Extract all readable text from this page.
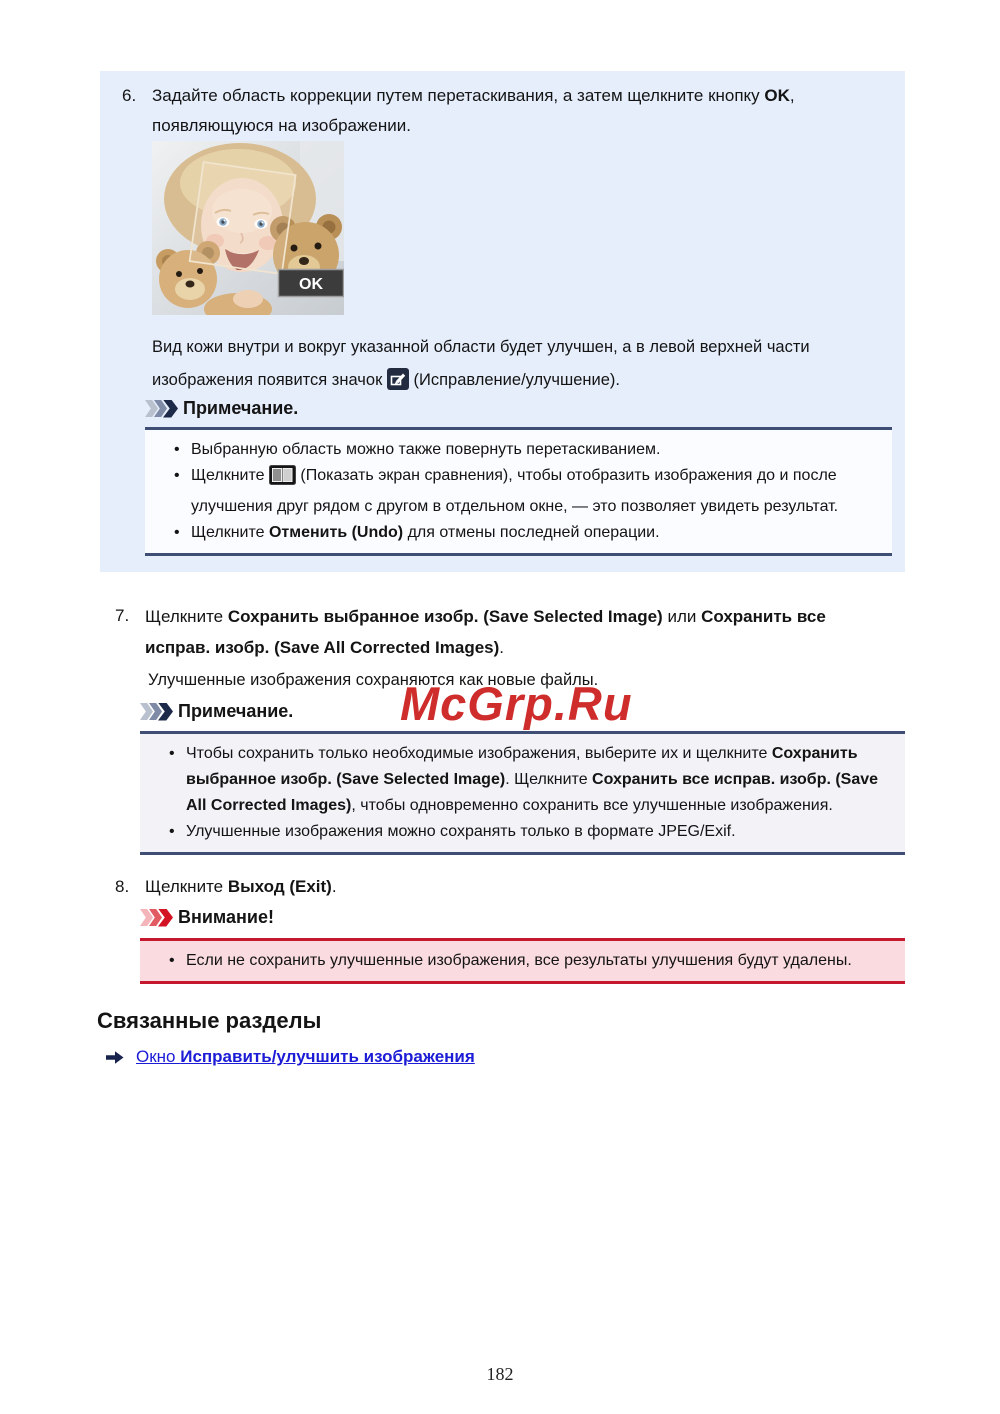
6. Задайте область коррекции путем перетаскивания, а затем щелкните кнопку OK, появляющуюся на изображении.
OK

Вид кожи внутри и вокруг указанной области будет улучшен, а в левой верхней части изображения появится значок  (Исправление/улучшение).

Примечание.
• Выбранную область можно также повернуть перетаскиванием.
• Щелкните  (Показать экран сравнения), чтобы отобразить изображения до и после улучшения друг рядом с другом в отдельном окне, — это позволяет увидеть результат.
• Щелкните Отменить (Undo) для отмены последней операции.
7. Щелкните Сохранить выбранное изобр. (Save Selected Image) или Сохранить все исправ. изобр. (Save All Corrected Images).

Улучшенные изображения сохраняются как новые файлы.

McGrp.Ru
Примечание.
• Чтобы сохранить только необходимые изображения, выберите их и щелкните Сохранить выбранное изобр. (Save Selected Image). Щелкните Сохранить все исправ. изобр. (Save All Corrected Images), чтобы одновременно сохранить все улучшенные изображения.
• Улучшенные изображения можно сохранять только в формате JPEG/Exif.
8. Щелкните Выход (Exit).
Внимание!
• Если не сохранить улучшенные изображения, все результаты улучшения будут удалены.
Связанные разделы
Окно Исправить/улучшить изображения
182
